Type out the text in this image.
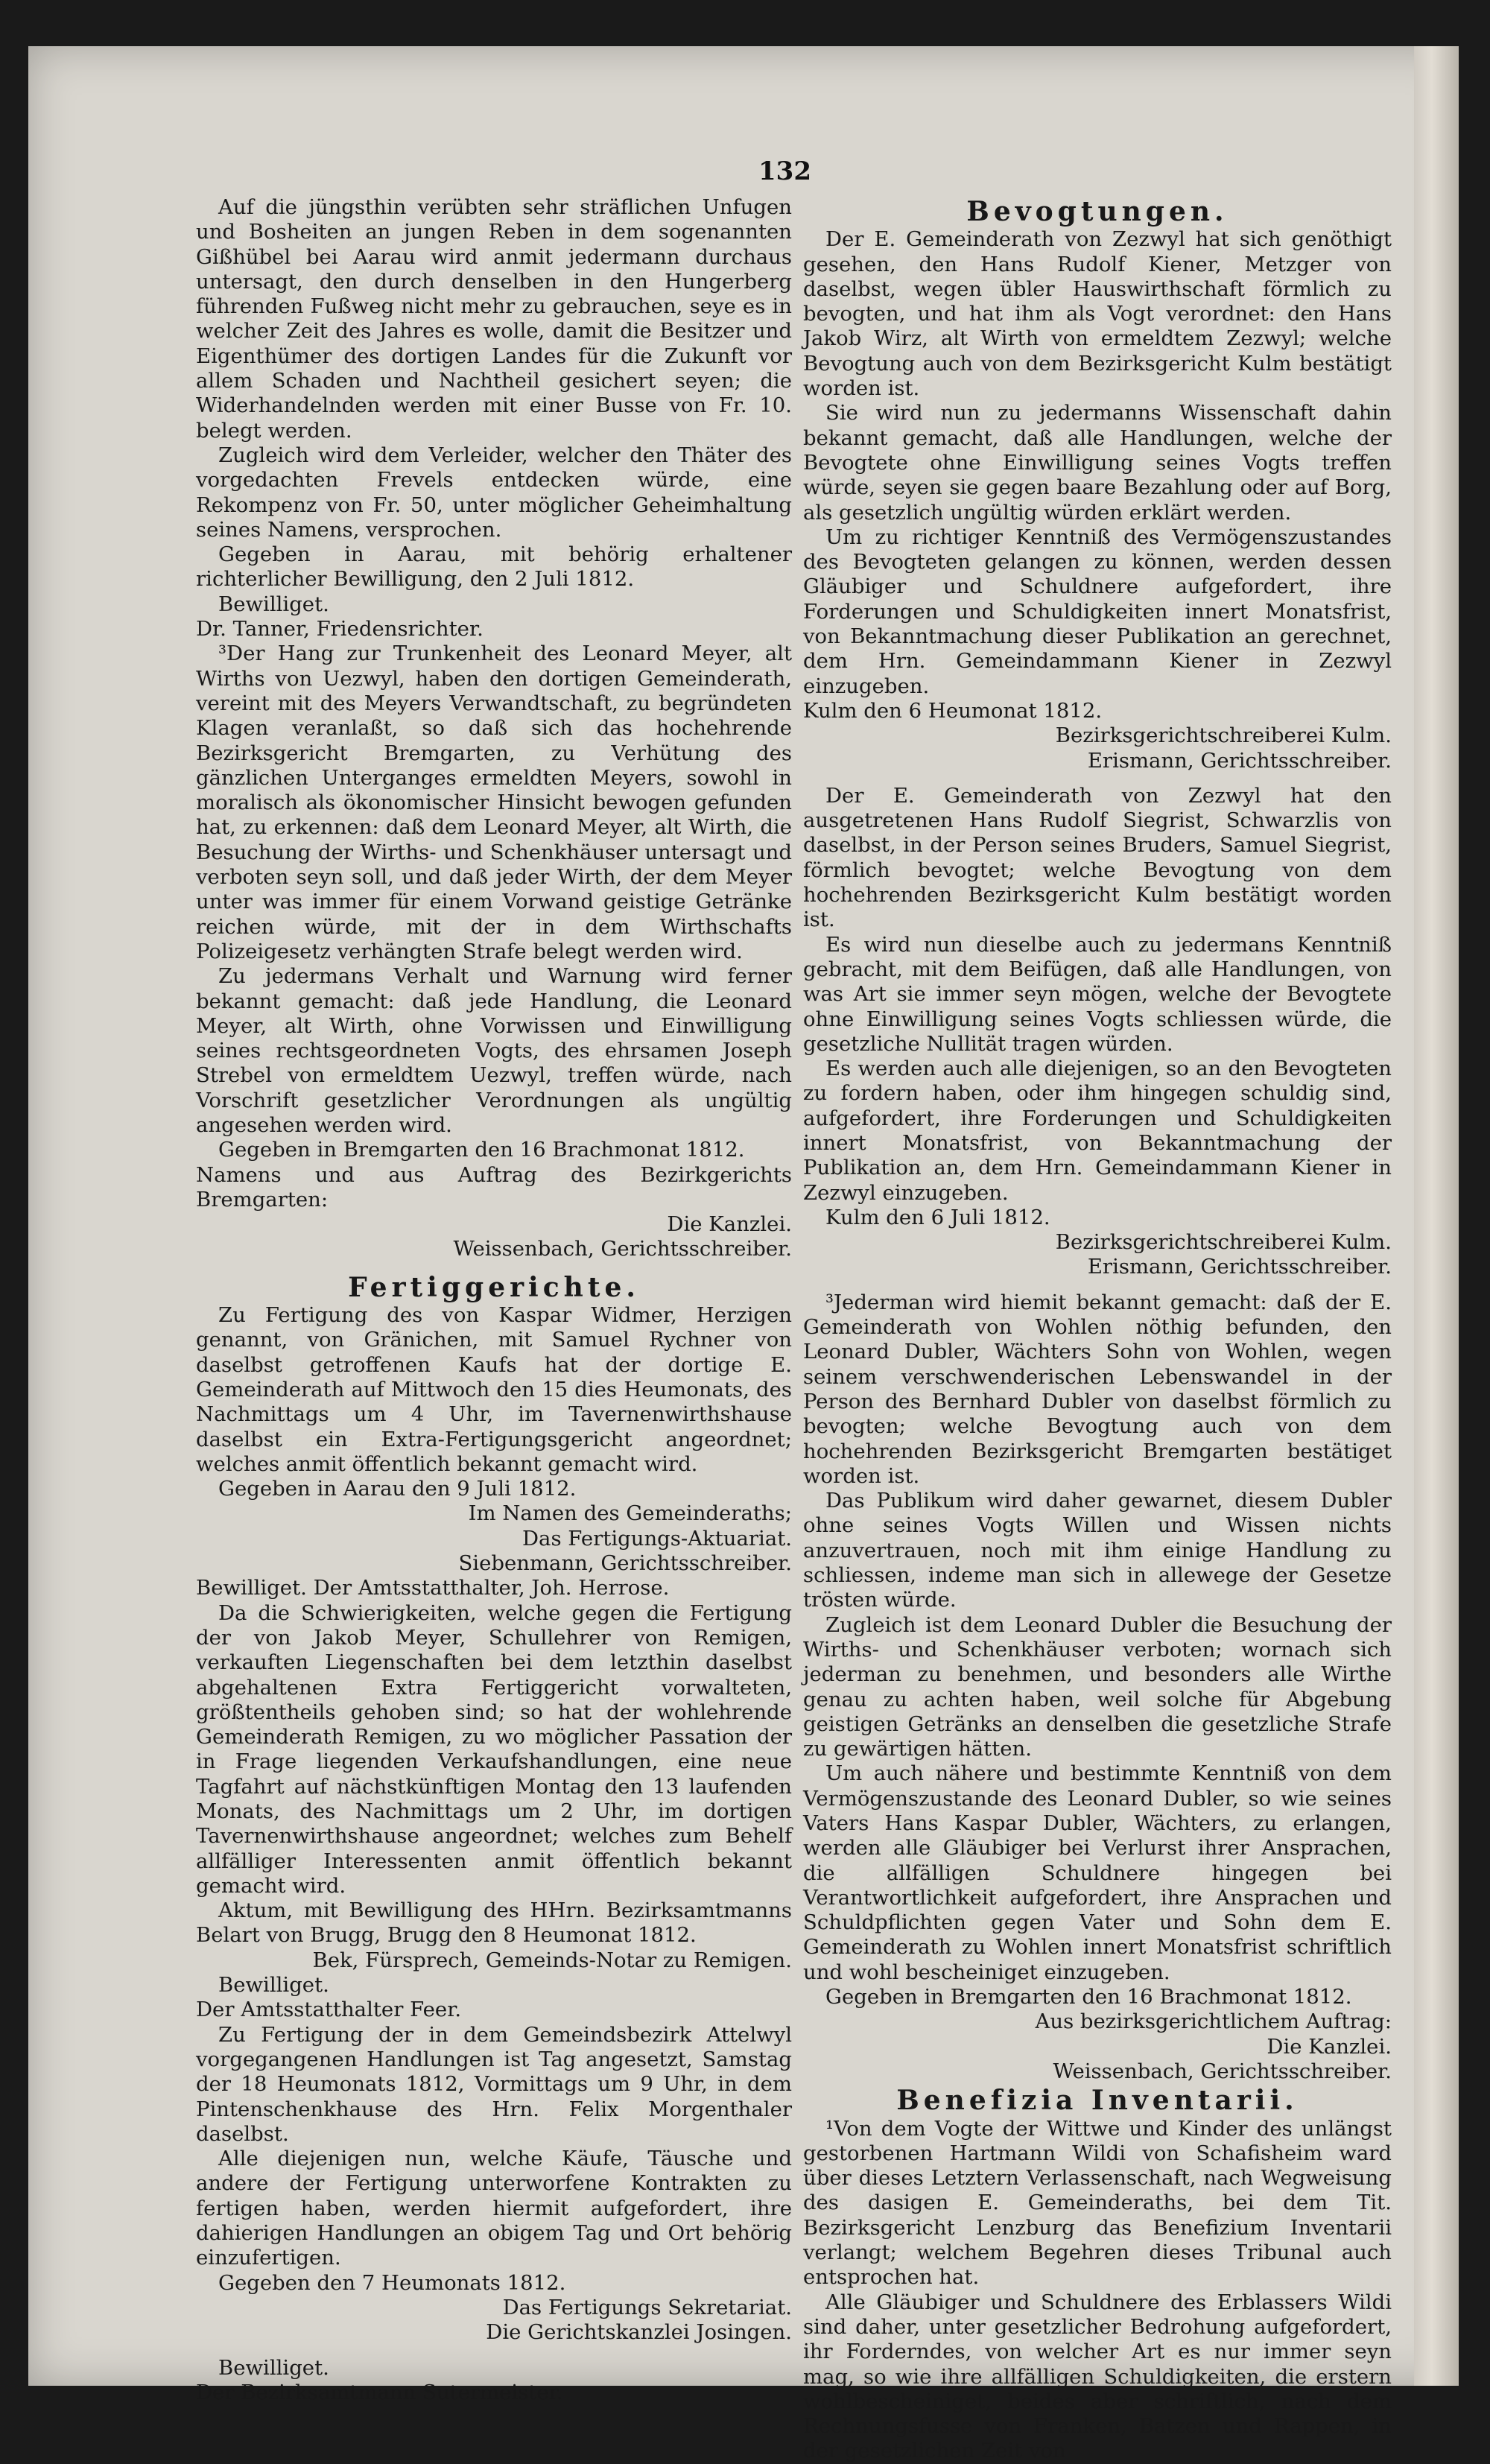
132

Auf die jüngsthin verübten sehr sträflichen Unfugen und Bosheiten an jungen Reben in dem sogenannten Gißhübel bei Aarau wird anmit jedermann durchaus untersagt, den durch denselben in den Hungerberg führenden Fußweg nicht mehr zu gebrauchen, seye es in welcher Zeit des Jahres es wolle, damit die Besitzer und Eigenthümer des dortigen Landes für die Zukunft vor allem Schaden und Nachtheil gesichert seyen; die Widerhandelnden werden mit einer Busse von Fr. 10. belegt werden.

Zugleich wird dem Verleider, welcher den Thäter des vorgedachten Frevels entdecken würde, eine Rekompenz von Fr. 50, unter möglicher Geheimhaltung seines Namens, versprochen.

Gegeben in Aarau, mit behörig erhaltener richterlicher Bewilligung, den 2 Juli 1812.

Bewilliget.

Dr. Tanner, Friedensrichter.

³Der Hang zur Trunkenheit des Leonard Meyer, alt Wirths von Uezwyl, haben den dortigen Gemeinderath, vereint mit des Meyers Verwandtschaft, zu begründeten Klagen veranlaßt, so daß sich das hochehrende Bezirksgericht Bremgarten, zu Verhütung des gänzlichen Unterganges ermeldten Meyers, sowohl in moralisch als ökonomischer Hinsicht bewogen gefunden hat, zu erkennen: daß dem Leonard Meyer, alt Wirth, die Besuchung der Wirths- und Schenkhäuser untersagt und verboten seyn soll, und daß jeder Wirth, der dem Meyer unter was immer für einem Vorwand geistige Getränke reichen würde, mit der in dem Wirthschafts Polizeigesetz verhängten Strafe belegt werden wird.

Zu jedermans Verhalt und Warnung wird ferner bekannt gemacht: daß jede Handlung, die Leonard Meyer, alt Wirth, ohne Vorwissen und Einwilligung seines rechtsgeordneten Vogts, des ehrsamen Joseph Strebel von ermeldtem Uezwyl, treffen würde, nach Vorschrift gesetzlicher Verordnungen als ungültig angesehen werden wird.

Gegeben in Bremgarten den 16 Brachmonat 1812.

Namens und aus Auftrag des Bezirkgerichts Bremgarten:

Die Kanzlei.

Weissenbach, Gerichtsschreiber.

Fertiggerichte.

Zu Fertigung des von Kaspar Widmer, Herzigen genannt, von Gränichen, mit Samuel Rychner von daselbst getroffenen Kaufs hat der dortige E. Gemeinderath auf Mittwoch den 15 dies Heumonats, des Nachmittags um 4 Uhr, im Tavernenwirthshause daselbst ein Extra-Fertigungsgericht angeordnet; welches anmit öffentlich bekannt gemacht wird.

Gegeben in Aarau den 9 Juli 1812.

Im Namen des Gemeinderaths;

Das Fertigungs-Aktuariat.

Siebenmann, Gerichtsschreiber.

Bewilliget. Der Amtsstatthalter, Joh. Herrose.

Da die Schwierigkeiten, welche gegen die Fertigung der von Jakob Meyer, Schullehrer von Remigen, verkauften Liegenschaften bei dem letzthin daselbst abgehaltenen Extra Fertiggericht vorwalteten, größtentheils gehoben sind; so hat der wohlehrende Gemeinderath Remigen, zu wo möglicher Passation der in Frage liegenden Verkaufshandlungen, eine neue Tagfahrt auf nächstkünftigen Montag den 13 laufenden Monats, des Nachmittags um 2 Uhr, im dortigen Tavernenwirthshause angeordnet; welches zum Behelf allfälliger Interessenten anmit öffentlich bekannt gemacht wird.

Aktum, mit Bewilligung des HHrn. Bezirksamtmanns Belart von Brugg, Brugg den 8 Heumonat 1812.

Bek, Fürsprech, Gemeinds-Notar zu Remigen.

Bewilliget.

Der Amtsstatthalter Feer.

Zu Fertigung der in dem Gemeindsbezirk Attelwyl vorgegangenen Handlungen ist Tag angesetzt, Samstag der 18 Heumonats 1812, Vormittags um 9 Uhr, in dem Pintenschenkhause des Hrn. Felix Morgenthaler daselbst.

Alle diejenigen nun, welche Käufe, Täusche und andere der Fertigung unterworfene Kontrakten zu fertigen haben, werden hiermit aufgefordert, ihre dahierigen Handlungen an obigem Tag und Ort behörig einzufertigen.

Gegeben den 7 Heumonats 1812.

Das Fertigungs Sekretariat.

Die Gerichtskanzlei Josingen.

Bewilliget.

Der Bezirksamtmann Sutermeister.

Bevogtungen.

Der E. Gemeinderath von Zezwyl hat sich genöthigt gesehen, den Hans Rudolf Kiener, Metzger von daselbst, wegen übler Hauswirthschaft förmlich zu bevogten, und hat ihm als Vogt verordnet: den Hans Jakob Wirz, alt Wirth von ermeldtem Zezwyl; welche Bevogtung auch von dem Bezirksgericht Kulm bestätigt worden ist.

Sie wird nun zu jedermanns Wissenschaft dahin bekannt gemacht, daß alle Handlungen, welche der Bevogtete ohne Einwilligung seines Vogts treffen würde, seyen sie gegen baare Bezahlung oder auf Borg, als gesetzlich ungültig würden erklärt werden.

Um zu richtiger Kenntniß des Vermögenszustandes des Bevogteten gelangen zu können, werden dessen Gläubiger und Schuldnere aufgefordert, ihre Forderungen und Schuldigkeiten innert Monatsfrist, von Bekanntmachung dieser Publikation an gerechnet, dem Hrn. Gemeindammann Kiener in Zezwyl einzugeben.

Kulm den 6 Heumonat 1812.

Bezirksgerichtschreiberei Kulm.

Erismann, Gerichtsschreiber.

Der E. Gemeinderath von Zezwyl hat den ausgetretenen Hans Rudolf Siegrist, Schwarzlis von daselbst, in der Person seines Bruders, Samuel Siegrist, förmlich bevogtet; welche Bevogtung von dem hochehrenden Bezirksgericht Kulm bestätigt worden ist.

Es wird nun dieselbe auch zu jedermans Kenntniß gebracht, mit dem Beifügen, daß alle Handlungen, von was Art sie immer seyn mögen, welche der Bevogtete ohne Einwilligung seines Vogts schliessen würde, die gesetzliche Nullität tragen würden.

Es werden auch alle diejenigen, so an den Bevogteten zu fordern haben, oder ihm hingegen schuldig sind, aufgefordert, ihre Forderungen und Schuldigkeiten innert Monatsfrist, von Bekanntmachung der Publikation an, dem Hrn. Gemeindammann Kiener in Zezwyl einzugeben.

Kulm den 6 Juli 1812.

Bezirksgerichtschreiberei Kulm.

Erismann, Gerichtsschreiber.

³Jederman wird hiemit bekannt gemacht: daß der E. Gemeinderath von Wohlen nöthig befunden, den Leonard Dubler, Wächters Sohn von Wohlen, wegen seinem verschwenderischen Lebenswandel in der Person des Bernhard Dubler von daselbst förmlich zu bevogten; welche Bevogtung auch von dem hochehrenden Bezirksgericht Bremgarten bestätiget worden ist.

Das Publikum wird daher gewarnet, diesem Dubler ohne seines Vogts Willen und Wissen nichts anzuvertrauen, noch mit ihm einige Handlung zu schliessen, indeme man sich in allewege der Gesetze trösten würde.

Zugleich ist dem Leonard Dubler die Besuchung der Wirths- und Schenkhäuser verboten; wornach sich jederman zu benehmen, und besonders alle Wirthe genau zu achten haben, weil solche für Abgebung geistigen Getränks an denselben die gesetzliche Strafe zu gewärtigen hätten.

Um auch nähere und bestimmte Kenntniß von dem Vermögenszustande des Leonard Dubler, so wie seines Vaters Hans Kaspar Dubler, Wächters, zu erlangen, werden alle Gläubiger bei Verlurst ihrer Ansprachen, die allfälligen Schuldnere hingegen bei Verantwortlichkeit aufgefordert, ihre Ansprachen und Schuldpflichten gegen Vater und Sohn dem E. Gemeinderath zu Wohlen innert Monatsfrist schriftlich und wohl bescheiniget einzugeben.

Gegeben in Bremgarten den 16 Brachmonat 1812.

Aus bezirksgerichtlichem Auftrag:

Die Kanzlei.

Weissenbach, Gerichtsschreiber.

Benefizia Inventarii.

¹Von dem Vogte der Wittwe und Kinder des unlängst gestorbenen Hartmann Wildi von Schafisheim ward über dieses Letztern Verlassenschaft, nach Wegweisung des dasigen E. Gemeinderaths, bei dem Tit. Bezirksgericht Lenzburg das Benefizium Inventarii verlangt; welchem Begehren dieses Tribunal auch entsprochen hat.

Alle Gläubiger und Schuldnere des Erblassers Wildi sind daher, unter gesetzlicher Bedrohung aufgefordert, ihr Forderndes, von welcher Art es nur immer seyn mag, so wie ihre allfälligen Schuldigkeiten, die erstern wohlbescheiniget, beides aber schriftlich, nach dem Rechnungsfusse von Franken, Batzen und Rappen, in der gesetzlichen Zeit von
